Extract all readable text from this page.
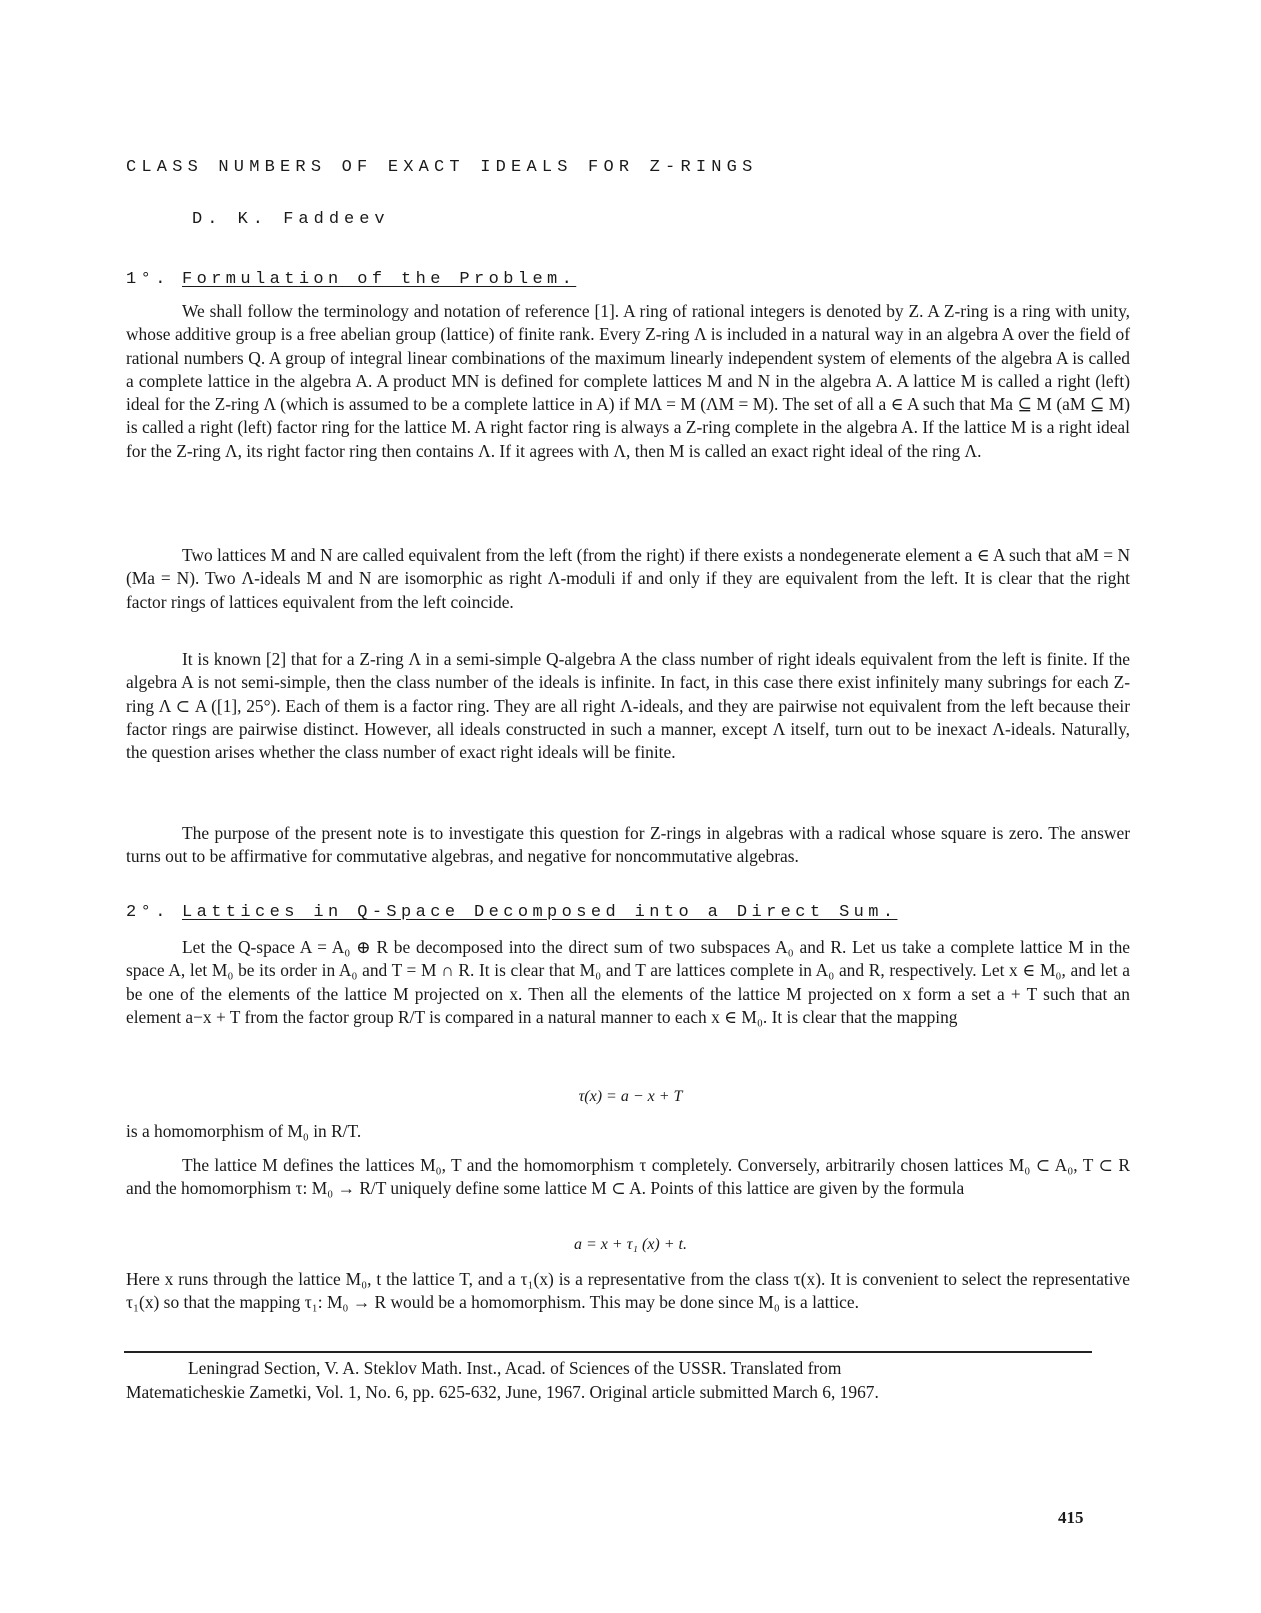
CLASS NUMBERS OF EXACT IDEALS FOR Z-RINGS
D. K. Faddeev
1°. Formulation of the Problem.

We shall follow the terminology and notation of reference [1]. A ring of rational integers is denoted by Z. A Z-ring is a ring with unity, whose additive group is a free abelian group (lattice) of finite rank. Every Z-ring Λ is included in a natural way in an algebra A over the field of rational numbers Q. A group of integral linear combinations of the maximum linearly independent system of elements of the algebra A is called a complete lattice in the algebra A. A product MN is defined for complete lattices M and N in the algebra A. A lattice M is called a right (left) ideal for the Z-ring Λ (which is assumed to be a complete lattice in A) if MΛ = M (ΛM = M). The set of all a ∈ A such that Ma ⊆ M (aM ⊆ M) is called a right (left) factor ring for the lattice M. A right factor ring is always a Z-ring complete in the algebra A. If the lattice M is a right ideal for the Z-ring Λ, its right factor ring then contains Λ. If it agrees with Λ, then M is called an exact right ideal of the ring Λ.

Two lattices M and N are called equivalent from the left (from the right) if there exists a nondegenerate element a ∈ A such that aM = N (Ma = N). Two Λ-ideals M and N are isomorphic as right Λ-moduli if and only if they are equivalent from the left. It is clear that the right factor rings of lattices equivalent from the left coincide.

It is known [2] that for a Z-ring Λ in a semi-simple Q-algebra A the class number of right ideals equivalent from the left is finite. If the algebra A is not semi-simple, then the class number of the ideals is infinite. In fact, in this case there exist infinitely many subrings for each Z-ring Λ ⊂ A ([1], 25°). Each of them is a factor ring. They are all right Λ-ideals, and they are pairwise not equivalent from the left because their factor rings are pairwise distinct. However, all ideals constructed in such a manner, except Λ itself, turn out to be inexact Λ-ideals. Naturally, the question arises whether the class number of exact right ideals will be finite.

The purpose of the present note is to investigate this question for Z-rings in algebras with a radical whose square is zero. The answer turns out to be affirmative for commutative algebras, and negative for noncommutative algebras.

2°. Lattices in Q-Space Decomposed into a Direct Sum.

Let the Q-space A = A₀ ⊕ R be decomposed into the direct sum of two subspaces A₀ and R. Let us take a complete lattice M in the space A, let M₀ be its order in A₀ and T = M ∩ R. It is clear that M₀ and T are lattices complete in A₀ and R, respectively. Let x ∈ M₀, and let a be one of the elements of the lattice M projected on x. Then all the elements of the lattice M projected on x form a set a + T such that an element a−x + T from the factor group R/T is compared in a natural manner to each x ∈ M₀. It is clear that the mapping

τ(x) = a − x + T

is a homomorphism of M₀ in R/T.

The lattice M defines the lattices M₀, T and the homomorphism τ completely. Conversely, arbitrarily chosen lattices M₀ ⊂ A₀, T ⊂ R and the homomorphism τ: M₀ → R/T uniquely define some lattice M ⊂ A. Points of this lattice are given by the formula

a = x + τ₁ (x) + t.

Here x runs through the lattice M₀, t the lattice T, and a τ₁(x) is a representative from the class τ(x). It is convenient to select the representative τ₁(x) so that the mapping τ₁: M₀ → R would be a homomorphism. This may be done since M₀ is a lattice.

Leningrad Section, V. A. Steklov Math. Inst., Acad. of Sciences of the USSR. Translated from
Matematicheskie Zametki, Vol. 1, No. 6, pp. 625-632, June, 1967. Original article submitted March 6, 1967.

415
